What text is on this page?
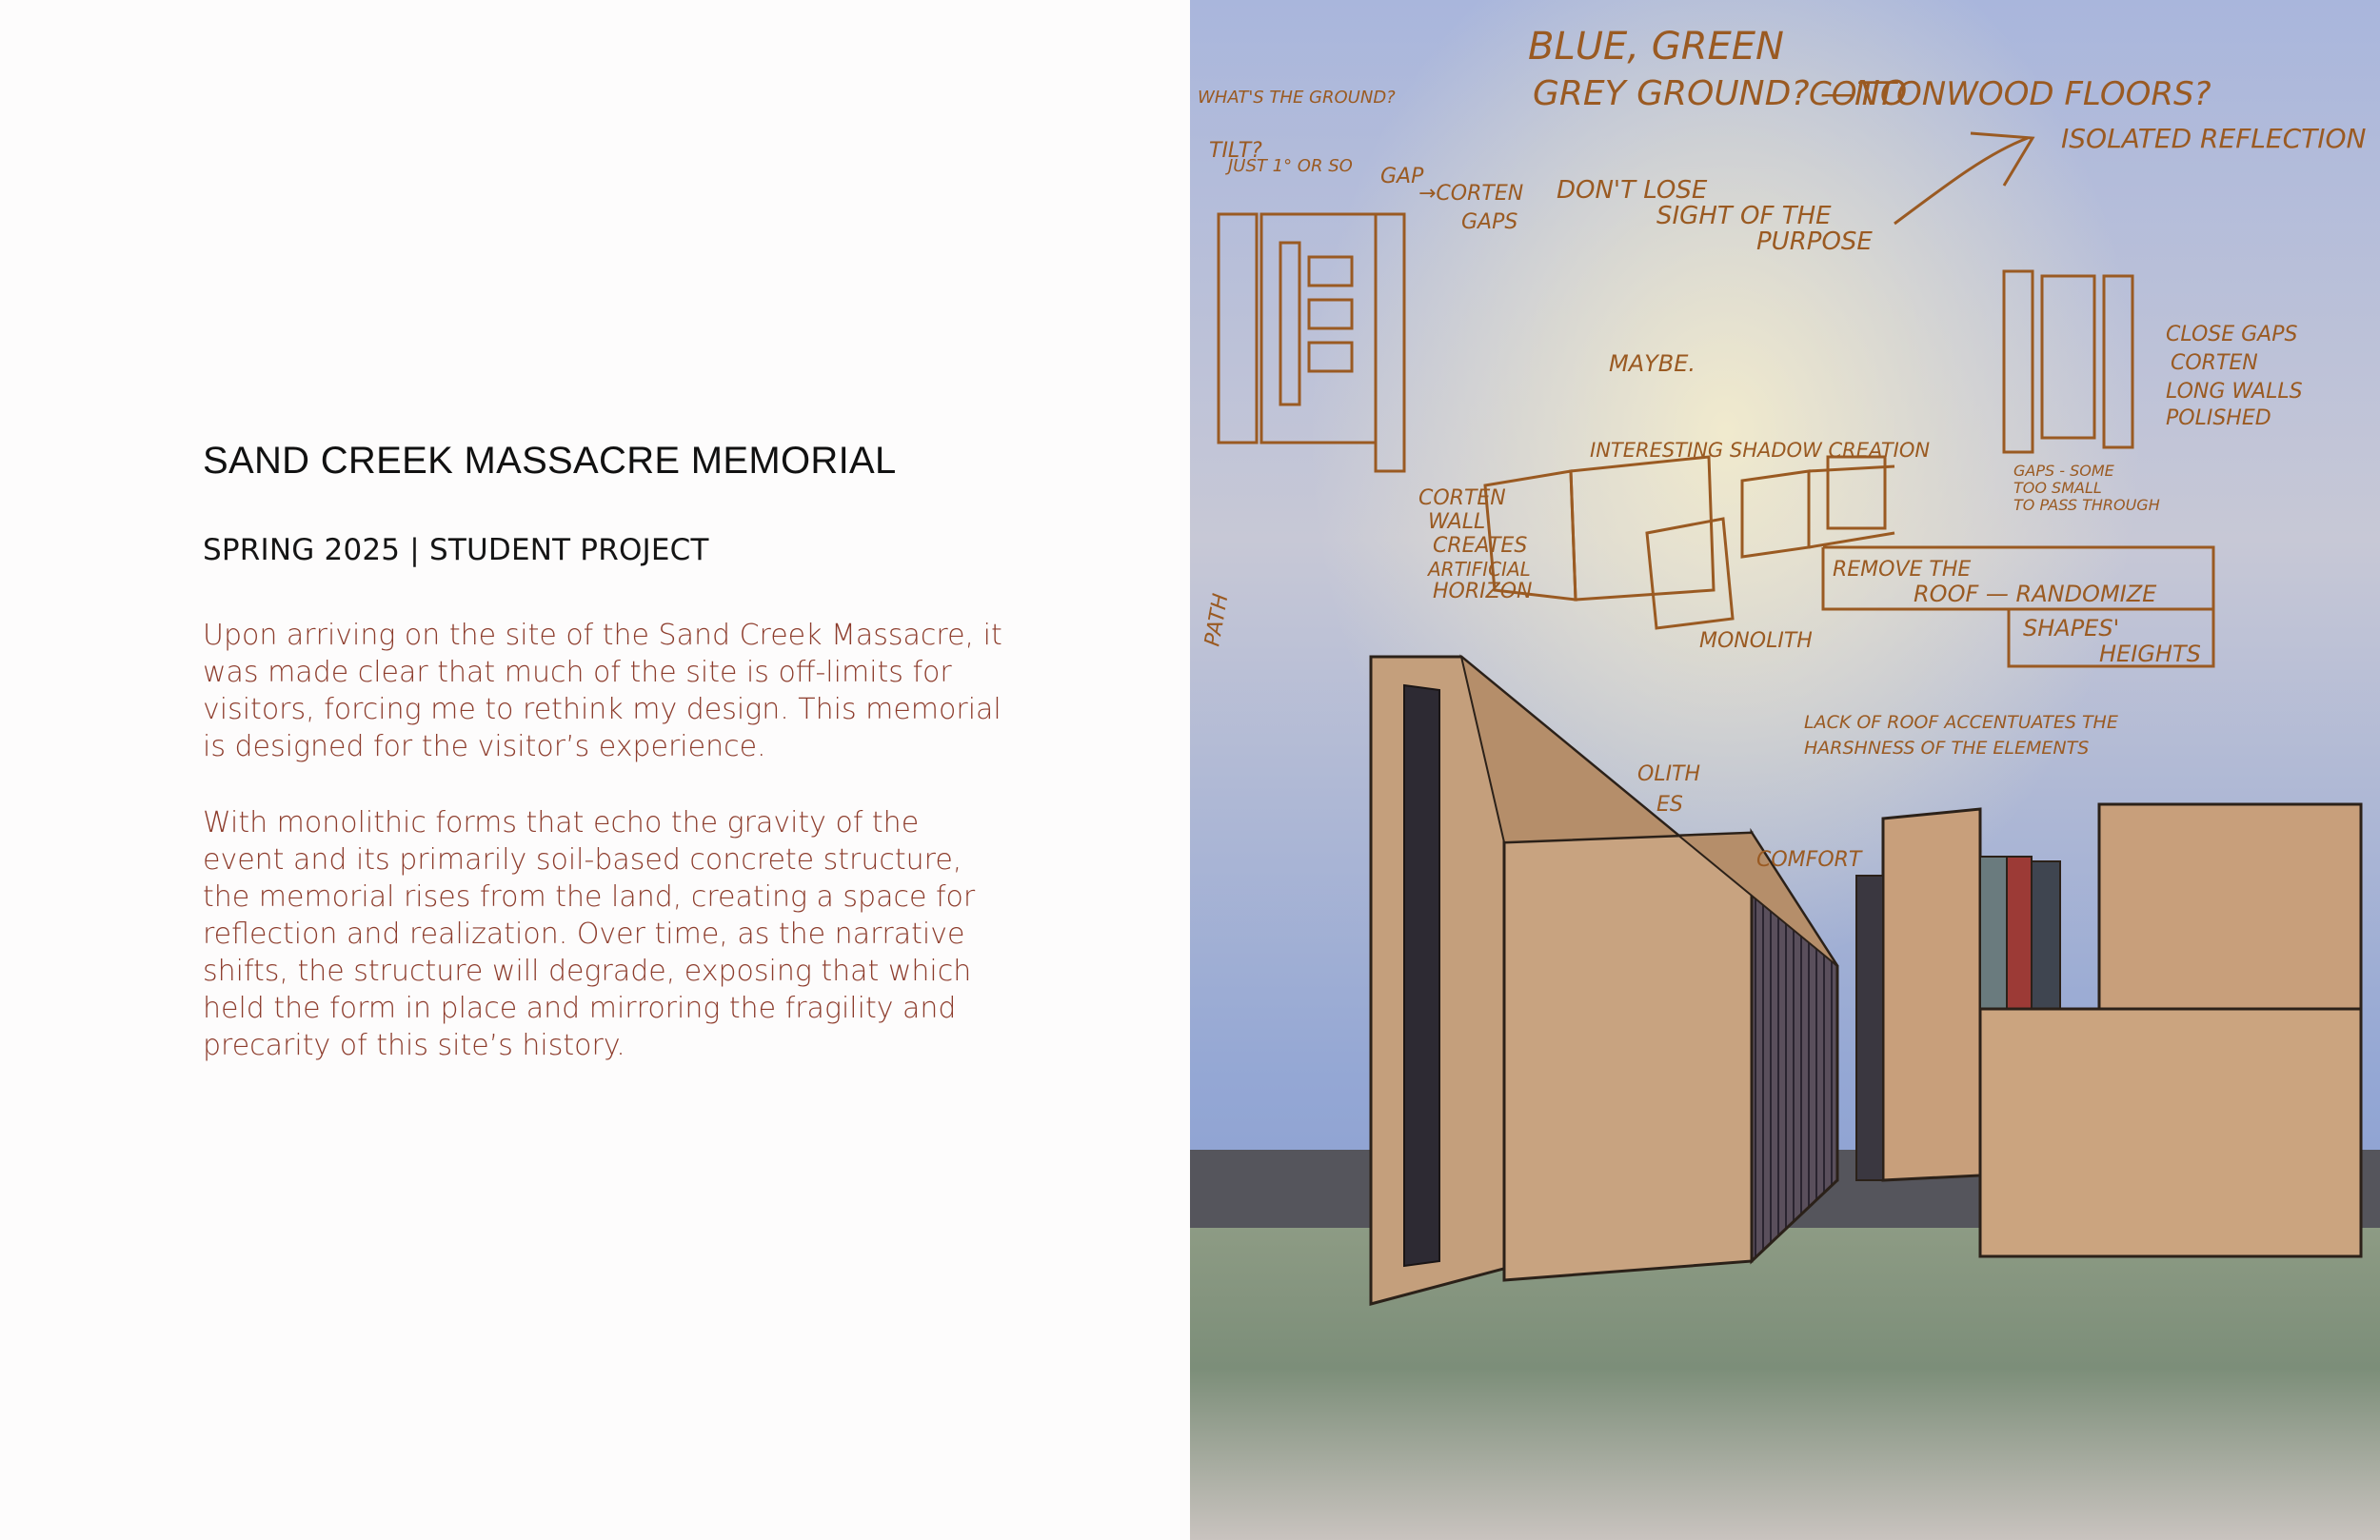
SAND CREEK MASSACRE MEMORIAL
SPRING 2025 | STUDENT PROJECT

Upon arriving on the site of the Sand Creek Massacre, it was made clear that much of the site is off-limits for visitors, forcing me to rethink my design. This memorial is designed for the visitor’s experience.

With monolithic forms that echo the gravity of the event and its primarily soil-based concrete structure, the memorial rises from the land, creating a space for reflection and realization. Over time, as the narrative shifts, the structure will degrade, exposing that which held the form in place and mirroring the fragility and precarity of this site’s history.

BLUE, GREEN
GREY GROUND? —NO
COTTONWOOD FLOORS?
WHAT'S THE GROUND?
TILT?
JUST 1° OR SO GAP
→CORTEN
GAPS
DON'T LOSE
SIGHT OF THE
PURPOSE
ISOLATED REFLECTION
CLOSE GAPS
CORTEN
LONG WALLS
POLISHED
MAYBE.
INTERESTING SHADOW CREATION
GAPS - SOME
TOO SMALL
TO PASS THROUGH
CORTEN
WALL
CREATES
ARTIFICIAL
HORIZON
REMOVE THE
ROOF — RANDOMIZE
SHAPES'
HEIGHTS
MONOLITH
PATH
LACK OF ROOF ACCENTUATES THE
HARSHNESS OF THE ELEMENTS
COMFORT
OLITH
ES
